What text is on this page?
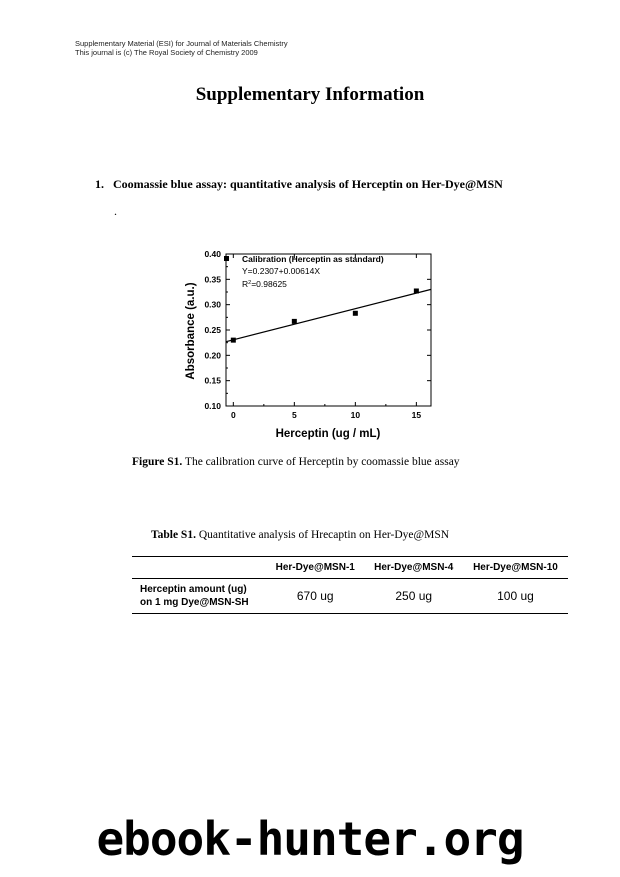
Supplementary Material (ESI) for Journal of Materials Chemistry
This journal is (c) The Royal Society of Chemistry 2009
Supplementary Information
1. Coomassie blue assay: quantitative analysis of Herceptin on Her-Dye@MSN
.
0.10
0.15
0.20
0.25
0.30
0.35
0.40
0	5	10	15
Calibration (Herceptin as standard)
Y=0.2307+0.00614X
$R^2=0.98625$
Herceptin (ug / mL)
Absorbance (a.u.)
Figure S1. The calibration curve of Herceptin by coomassie blue assay
Table S1. Quantitative analysis of Hrecaptin on Her-Dye@MSN
	Her-Dye@MSN-1	Her-Dye@MSN-4	Her-Dye@MSN-10
Herceptin amount (ug)
on 1 mg Dye@MSN-SH	670 ug	250 ug	100 ug
ebook-hunter.org
